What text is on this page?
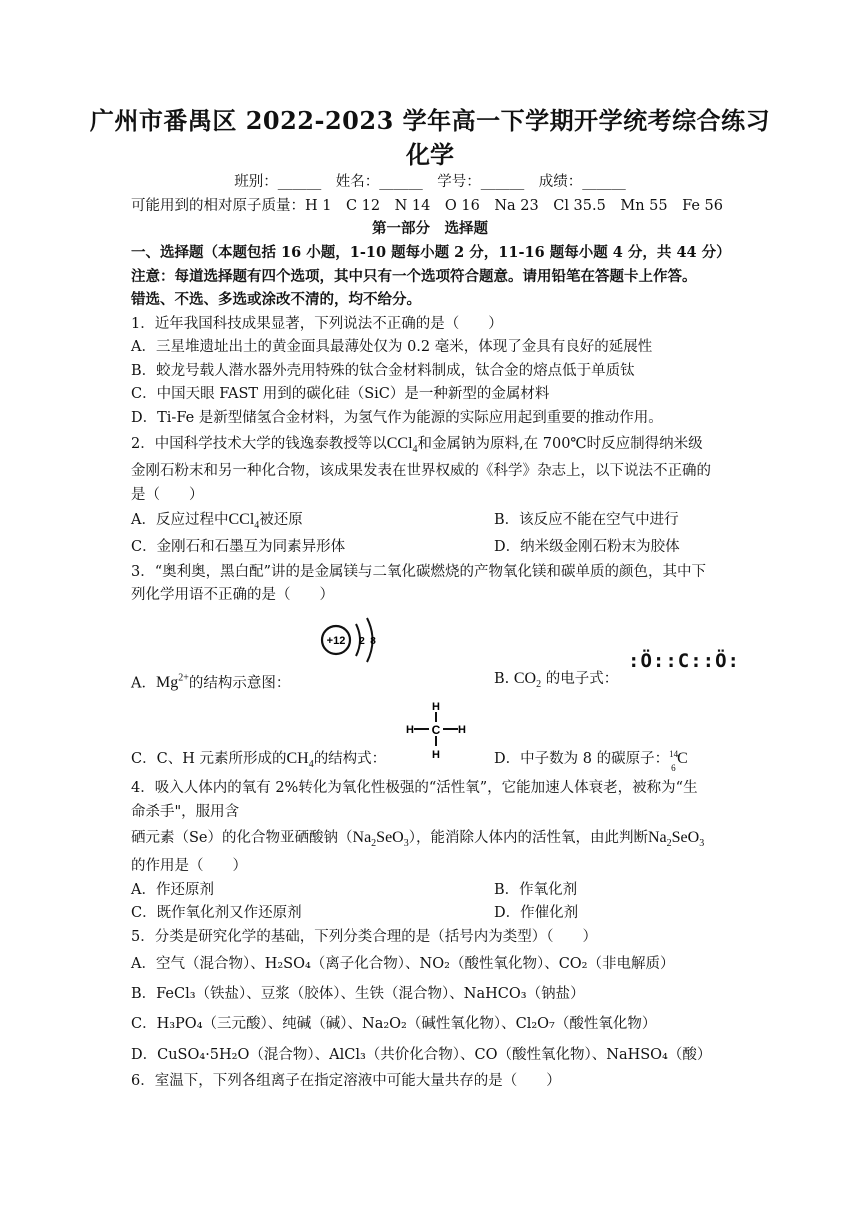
广州市番禺区 2022-2023 学年高一下学期开学统考综合练习
化学
班别：______　姓名：______　学号：______　成绩：______
可能用到的相对原子质量：H 1　C 12　N 14　O 16　Na 23　Cl 35.5　Mn 55　Fe 56
第一部分　选择题
一、选择题（本题包括 16 小题，1-10 题每小题 2 分，11-16 题每小题 4 分，共 44 分）
注意：每道选择题有四个选项，其中只有一个选项符合题意。请用铅笔在答题卡上作答。
错选、不选、多选或涂改不清的，均不给分。
1．近年我国科技成果显著，下列说法不正确的是（　　）
A．三星堆遗址出土的黄金面具最薄处仅为 0.2 毫米，体现了金具有良好的延展性
B．蛟龙号载人潜水器外壳用特殊的钛合金材料制成，钛合金的熔点低于单质钛
C．中国天眼 FAST 用到的碳化硅（SiC）是一种新型的金属材料
D．Ti-Fe 是新型储氢合金材料，为氢气作为能源的实际应用起到重要的推动作用。
2．中国科学技术大学的钱逸泰教授等以CCl$_4$和金属钠为原料,在 700℃时反应制得纳米级
金刚石粉末和另一种化合物，该成果发表在世界权威的《科学》杂志上，以下说法不正确的
是（　　）
A．反应过程中CCl$_4$被还原	B．该反应不能在空气中进行
C．金刚石和石墨互为同素异形体	D．纳米级金刚石粉末为胶体
3．“奥利奥，黑白配”讲的是金属镁与二氧化碳燃烧的产物氧化镁和碳单质的颜色，其中下
列化学用语不正确的是（　　）
+12 2 8
A．$Mg^{2+}$的结构示意图：	B. $CO_2$ 的电子式：
:Ö::C::Ö:
C
H
H
H	H
C．C、H 元素所形成的$CH_4$的结构式：	D．中子数为 8 的碳原子： 14
6
C
4．吸入人体内的氧有 2%转化为氧化性极强的“活性氧”，它能加速人体衰老，被称为“生
命杀手"，服用含
硒元素（Se）的化合物亚硒酸钠$(Na_2SeO_3)$，能消除人体内的活性氧，由此判断$Na_2SeO_3$
的作用是（　　）
A．作还原剂	B．作氧化剂
C．既作氧化剂又作还原剂	D．作催化剂
5．分类是研究化学的基础，下列分类合理的是（括号内为类型）（　　）
A．空气（混合物）、H₂SO₄（离子化合物）、NO₂（酸性氧化物）、CO₂（非电解质）
B．FeCl₃（铁盐）、豆浆（胶体）、生铁（混合物）、NaHCO₃（钠盐）
C．H₃PO₄（三元酸）、纯碱（碱）、Na₂O₂（碱性氧化物）、Cl₂O₇（酸性氧化物）
D．CuSO₄·5H₂O（混合物）、AlCl₃（共价化合物）、CO（酸性氧化物）、NaHSO₄（酸）
6．室温下，下列各组离子在指定溶液中可能大量共存的是（　　）
